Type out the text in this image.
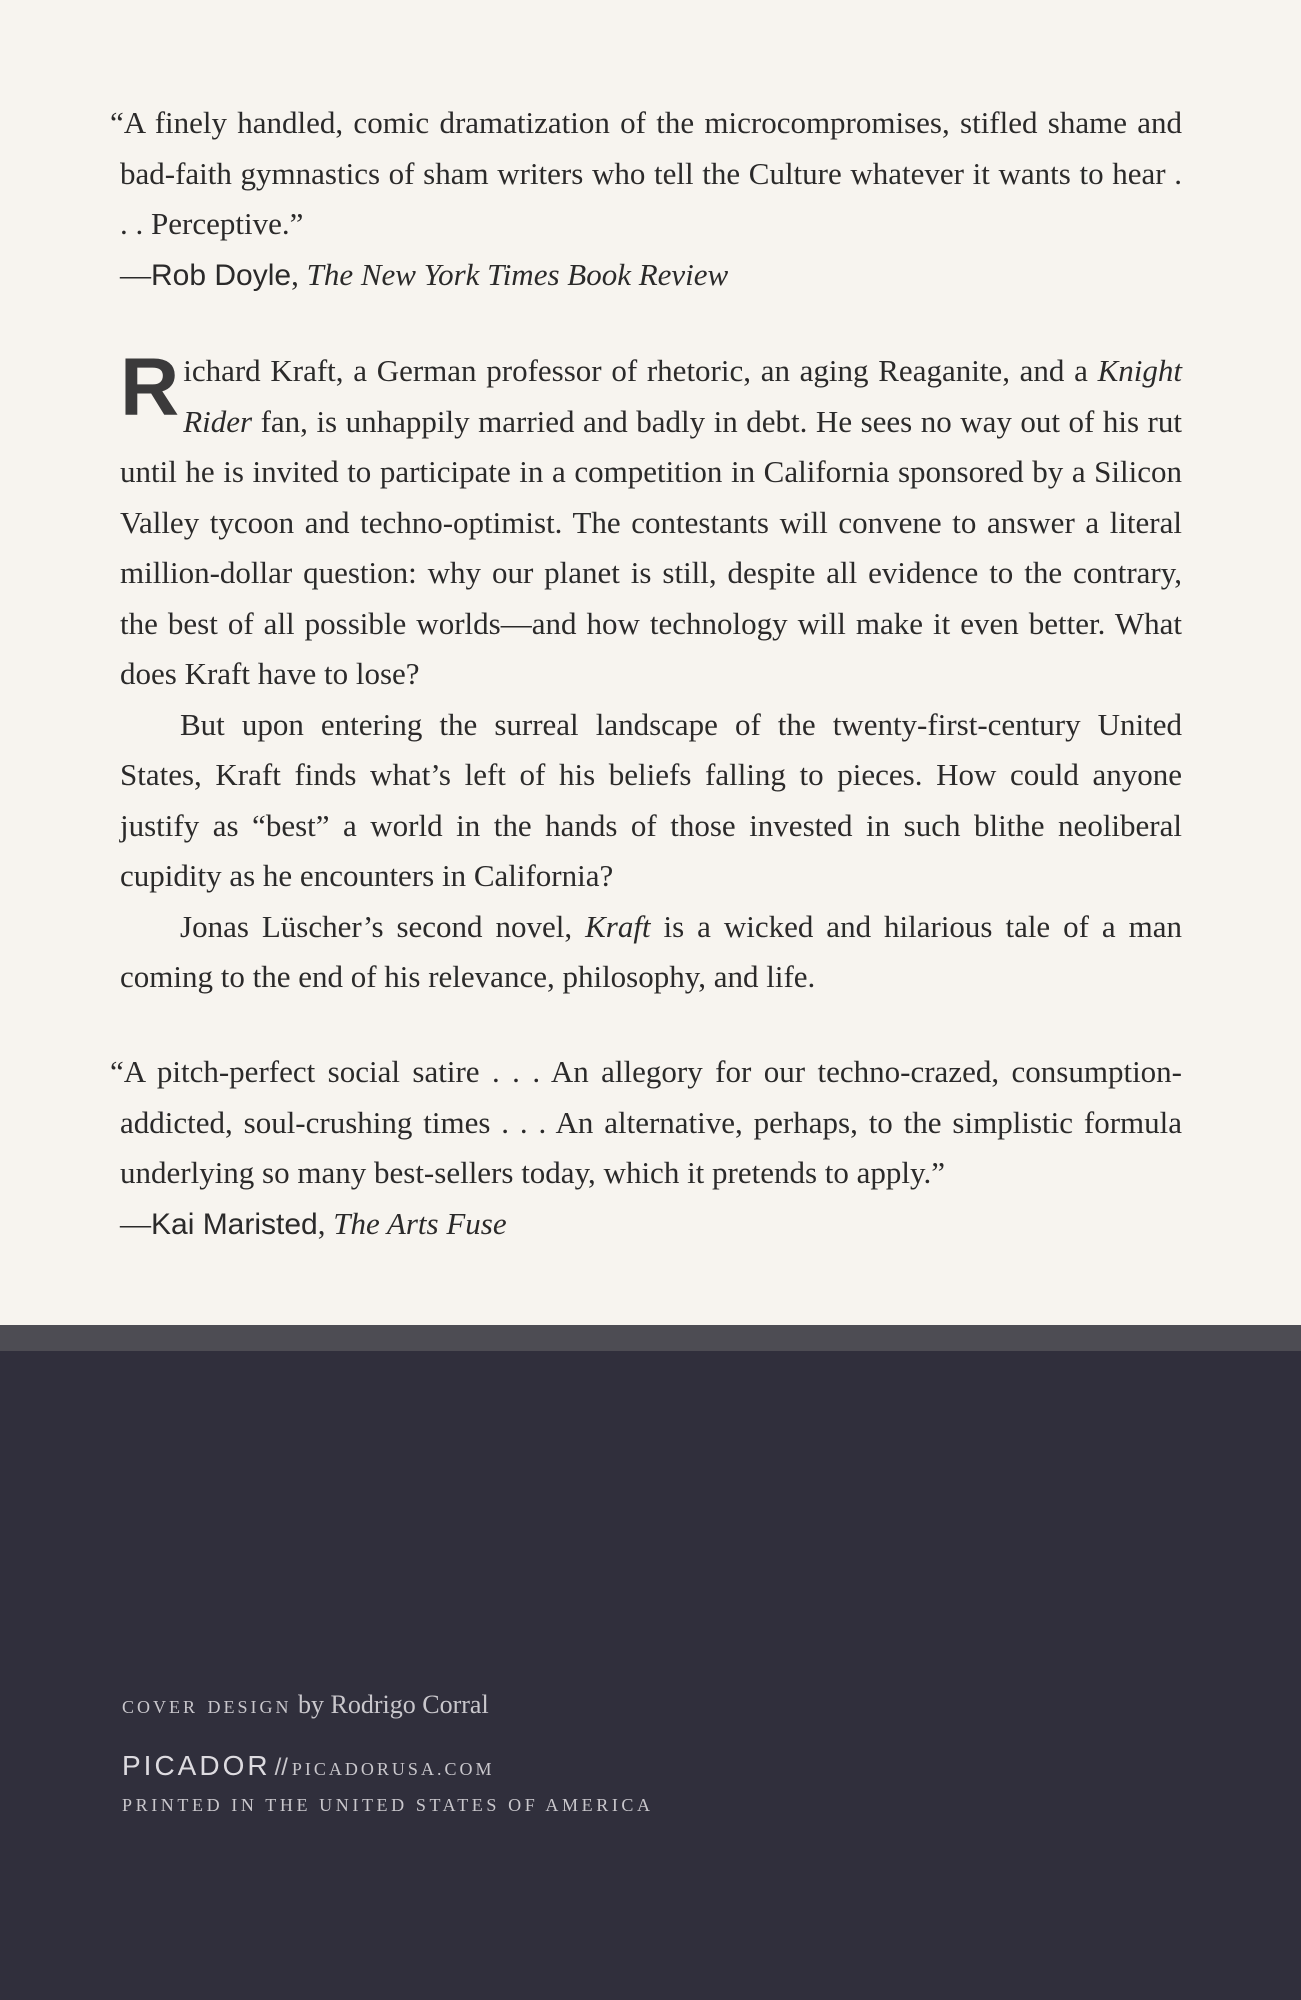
“A finely handled, comic dramatization of the microcompromises, stifled shame and bad-faith gymnastics of sham writers who tell the Culture whatever it wants to hear . . . Perceptive.”

—Rob Doyle, The New York Times Book Review

Richard Kraft, a German professor of rhetoric, an aging Reaganite, and a Knight Rider fan, is unhappily married and badly in debt. He sees no way out of his rut until he is invited to participate in a competition in California sponsored by a Silicon Valley tycoon and techno-optimist. The contestants will convene to answer a literal million-dollar question: why our planet is still, despite all evidence to the contrary, the best of all possible worlds—and how technology will make it even better. What does Kraft have to lose?

But upon entering the surreal landscape of the twenty-first-century United States, Kraft finds what’s left of his beliefs falling to pieces. How could anyone justify as “best” a world in the hands of those invested in such blithe neoliberal cupidity as he encounters in California?

Jonas Lüscher’s second novel, Kraft is a wicked and hilarious tale of a man coming to the end of his relevance, philosophy, and life.

“A pitch-perfect social satire . . . An allegory for our techno-crazed, consumption-addicted, soul-crushing times . . . An alternative, perhaps, to the simplistic formula underlying so many best-sellers today, which it pretends to apply.”

—Kai Maristed, The Arts Fuse

cover design by Rodrigo Corral
PICADOR // PICADORUSA.COM
PRINTED IN THE UNITED STATES OF AMERICA
